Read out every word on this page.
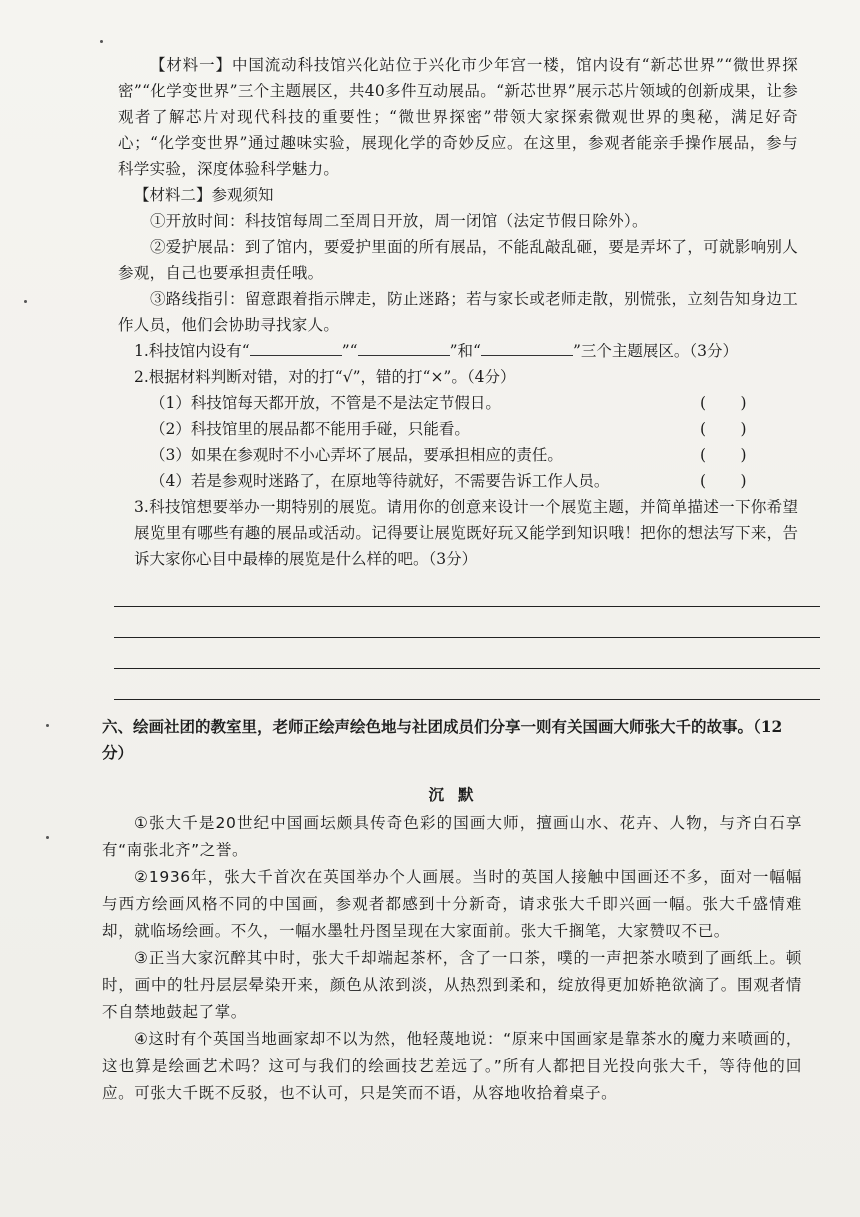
【材料一】中国流动科技馆兴化站位于兴化市少年宫一楼，馆内设有“新芯世界”“微世界探密”“化学变世界”三个主题展区，共40多件互动展品。“新芯世界”展示芯片领域的创新成果，让参观者了解芯片对现代科技的重要性；“微世界探密”带领大家探索微观世界的奥秘，满足好奇心；“化学变世界”通过趣味实验，展现化学的奇妙反应。在这里，参观者能亲手操作展品，参与科学实验，深度体验科学魅力。

【材料二】参观须知

①开放时间：科技馆每周二至周日开放，周一闭馆（法定节假日除外）。

②爱护展品：到了馆内，要爱护里面的所有展品，不能乱敲乱砸，要是弄坏了，可就影响别人参观，自己也要承担责任哦。

③路线指引：留意跟着指示牌走，防止迷路；若与家长或老师走散，别慌张，立刻告知身边工作人员，他们会协助寻找家人。

1.科技馆内设有“	”“	”和“	”三个主题展区。（3分）

2.根据材料判断对错，对的打“√”，错的打“×”。（4分）

（1）科技馆每天都开放，不管是不是法定节假日。	(       )
（2）科技馆里的展品都不能用手碰，只能看。	(       )
（3）如果在参观时不小心弄坏了展品，要承担相应的责任。	(       )
（4）若是参观时迷路了，在原地等待就好，不需要告诉工作人员。	(       )

3.科技馆想要举办一期特别的展览。请用你的创意来设计一个展览主题，并简单描述一下你希望展览里有哪些有趣的展品或活动。记得要让展览既好玩又能学到知识哦！把你的想法写下来，告诉大家你心目中最棒的展览是什么样的吧。（3分）

六、绘画社团的教室里，老师正绘声绘色地与社团成员们分享一则有关国画大师张大千的故事。（12分）

沉默

①张大千是20世纪中国画坛颇具传奇色彩的国画大师，擅画山水、花卉、人物，与齐白石享有“南张北齐”之誉。

②1936年，张大千首次在英国举办个人画展。当时的英国人接触中国画还不多，面对一幅幅与西方绘画风格不同的中国画，参观者都感到十分新奇，请求张大千即兴画一幅。张大千盛情难却，就临场绘画。不久，一幅水墨牡丹图呈现在大家面前。张大千搁笔，大家赞叹不已。

③正当大家沉醉其中时，张大千却端起茶杯，含了一口茶，噗的一声把茶水喷到了画纸上。顿时，画中的牡丹层层晕染开来，颜色从浓到淡，从热烈到柔和，绽放得更加娇艳欲滴了。围观者情不自禁地鼓起了掌。

④这时有个英国当地画家却不以为然，他轻蔑地说：“原来中国画家是靠茶水的魔力来喷画的，这也算是绘画艺术吗？这可与我们的绘画技艺差远了。”所有人都把目光投向张大千，等待他的回应。可张大千既不反驳，也不认可，只是笑而不语，从容地收拾着桌子。
